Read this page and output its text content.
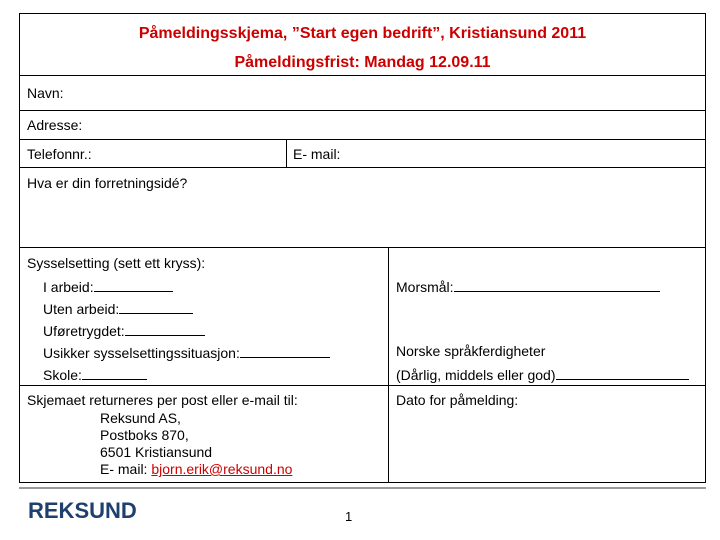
Påmeldingsskjema, ”Start egen bedrift”, Kristiansund 2011
Påmeldingsfrist: Mandag 12.09.11
Navn:
Adresse:
Telefonnr.:	E- mail:
Hva er din forretningsidé?
Sysselsetting (sett ett kryss):
I arbeid:
Uten arbeid:
Uføretrygdet:
Usikker sysselsettingssituasjon:
Skole:
Morsmål:
Norske språkferdigheter
(Dårlig, middels eller god)
Skjemaet returneres per post eller e-mail til:
Reksund AS,
Postboks 870,
6501 Kristiansund
E- mail: bjorn.erik@reksund.no
Dato for påmelding:
REKSUND	1
